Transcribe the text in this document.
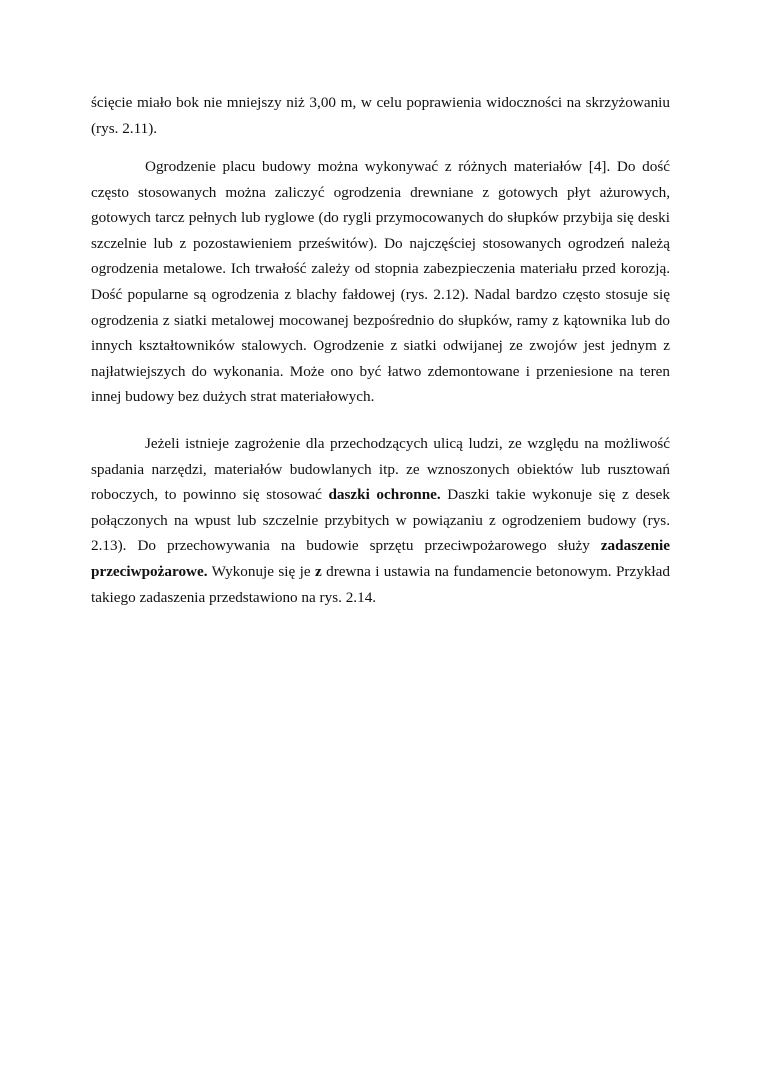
ścięcie miało bok nie mniejszy niż 3,00 m, w celu poprawienia widoczności na skrzyżowaniu (rys. 2.11).

Ogrodzenie placu budowy można wykonywać z różnych materiałów [4]. Do dość często stosowanych można zaliczyć ogrodzenia drewniane z gotowych płyt ażurowych, gotowych tarcz pełnych lub ryglowe (do rygli przymocowanych do słupków przybija się deski szczelnie lub z pozostawieniem prześwitów). Do najczęściej stosowanych ogrodzeń należą ogrodzenia metalowe. Ich trwałość zależy od stopnia zabezpieczenia materiału przed korozją. Dość popularne są ogrodzenia z blachy fałdowej (rys. 2.12). Nadal bardzo często stosuje się ogrodzenia z siatki metalowej mocowanej bezpośrednio do słupków, ramy z kątownika lub do innych kształtowników stalowych. Ogrodzenie z siatki odwijanej ze zwojów jest jednym z najłatwiejszych do wykonania. Może ono być łatwo zdemontowane i przeniesione na teren innej budowy bez dużych strat materiałowych.

Jeżeli istnieje zagrożenie dla przechodzących ulicą ludzi, ze względu na możliwość spadania narzędzi, materiałów budowlanych itp. ze wznoszonych obiektów lub rusztowań roboczych, to powinno się stosować daszki ochronne. Daszki takie wykonuje się z desek połączonych na wpust lub szczelnie przybitych w powiązaniu z ogrodzeniem budowy (rys. 2.13). Do przechowywania na budowie sprzętu przeciwpożarowego służy zadaszenie przeciwpożarowe. Wykonuje się je z drewna i ustawia na fundamencie betonowym. Przykład takiego zadaszenia przedstawiono na rys. 2.14.
